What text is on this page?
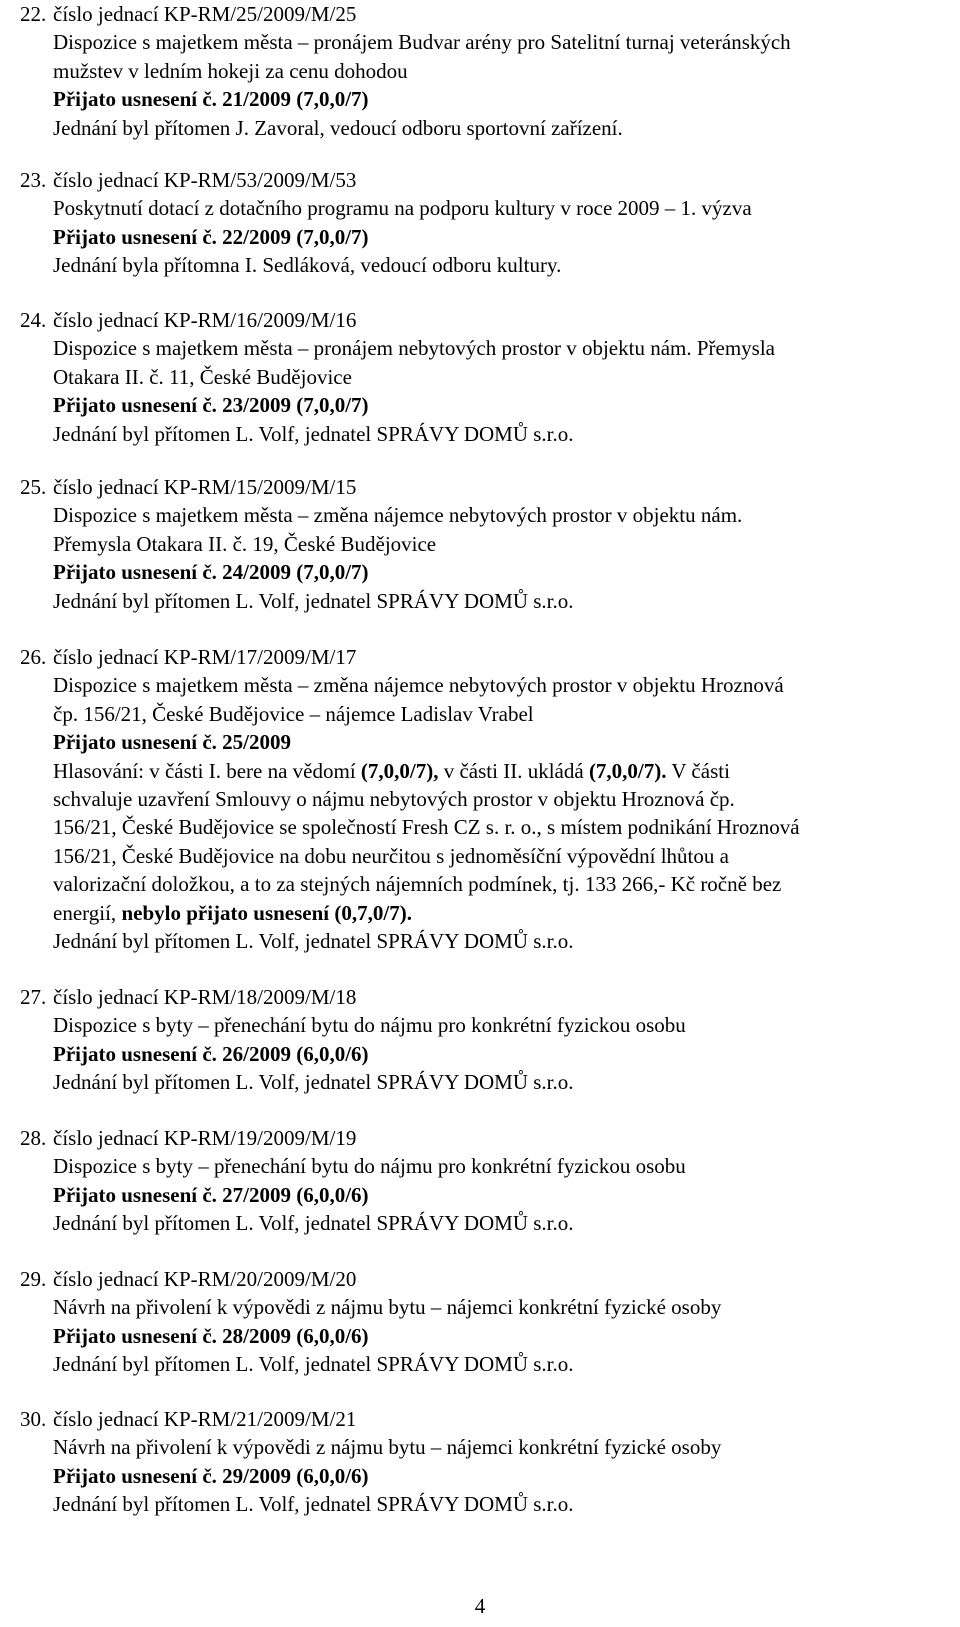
22. číslo jednací KP-RM/25/2009/M/25
Dispozice s majetkem města – pronájem Budvar arény pro Satelitní turnaj veteránských
mužstev v ledním hokeji za cenu dohodou
Přijato usnesení č. 21/2009 (7,0,0/7)
Jednání byl přítomen J. Zavoral, vedoucí odboru sportovní zařízení.
23. číslo jednací KP-RM/53/2009/M/53
Poskytnutí dotací z dotačního programu na podporu kultury v roce 2009 – 1. výzva
Přijato usnesení č. 22/2009 (7,0,0/7)
Jednání byla přítomna I. Sedláková, vedoucí odboru kultury.
24. číslo jednací KP-RM/16/2009/M/16
Dispozice s majetkem města – pronájem nebytových prostor v objektu nám. Přemysla
Otakara II. č. 11, České Budějovice
Přijato usnesení č. 23/2009 (7,0,0/7)
Jednání byl přítomen L. Volf, jednatel SPRÁVY DOMŮ s.r.o.
25. číslo jednací KP-RM/15/2009/M/15
Dispozice s majetkem města – změna nájemce nebytových prostor v objektu nám.
Přemysla Otakara II. č. 19, České Budějovice
Přijato usnesení č. 24/2009 (7,0,0/7)
Jednání byl přítomen L. Volf, jednatel SPRÁVY DOMŮ s.r.o.
26. číslo jednací KP-RM/17/2009/M/17
Dispozice s majetkem města – změna nájemce nebytových prostor v objektu Hroznová
čp. 156/21, České Budějovice – nájemce Ladislav Vrabel
Přijato usnesení č. 25/2009
Hlasování: v části I. bere na vědomí (7,0,0/7), v části II. ukládá (7,0,0/7). V části
schvaluje uzavření Smlouvy o nájmu nebytových prostor v objektu Hroznová čp.
156/21, České Budějovice se společností Fresh CZ s. r. o., s místem podnikání Hroznová
156/21, České Budějovice na dobu neurčitou s jednoměsíční výpovědní lhůtou a
valorizační doložkou, a to za stejných nájemních podmínek, tj. 133 266,- Kč ročně bez
energií, nebylo přijato usnesení (0,7,0/7).
Jednání byl přítomen L. Volf, jednatel SPRÁVY DOMŮ s.r.o.
27. číslo jednací KP-RM/18/2009/M/18
Dispozice s byty – přenechání bytu do nájmu pro konkrétní fyzickou osobu
Přijato usnesení č. 26/2009 (6,0,0/6)
Jednání byl přítomen L. Volf, jednatel SPRÁVY DOMŮ s.r.o.
28. číslo jednací KP-RM/19/2009/M/19
Dispozice s byty – přenechání bytu do nájmu pro konkrétní fyzickou osobu
Přijato usnesení č. 27/2009 (6,0,0/6)
Jednání byl přítomen L. Volf, jednatel SPRÁVY DOMŮ s.r.o.
29. číslo jednací KP-RM/20/2009/M/20
Návrh na přivolení k výpovědi z nájmu bytu – nájemci konkrétní fyzické osoby
Přijato usnesení č. 28/2009 (6,0,0/6)
Jednání byl přítomen L. Volf, jednatel SPRÁVY DOMŮ s.r.o.
30. číslo jednací KP-RM/21/2009/M/21
Návrh na přivolení k výpovědi z nájmu bytu – nájemci konkrétní fyzické osoby
Přijato usnesení č. 29/2009 (6,0,0/6)
Jednání byl přítomen L. Volf, jednatel SPRÁVY DOMŮ s.r.o.
4
